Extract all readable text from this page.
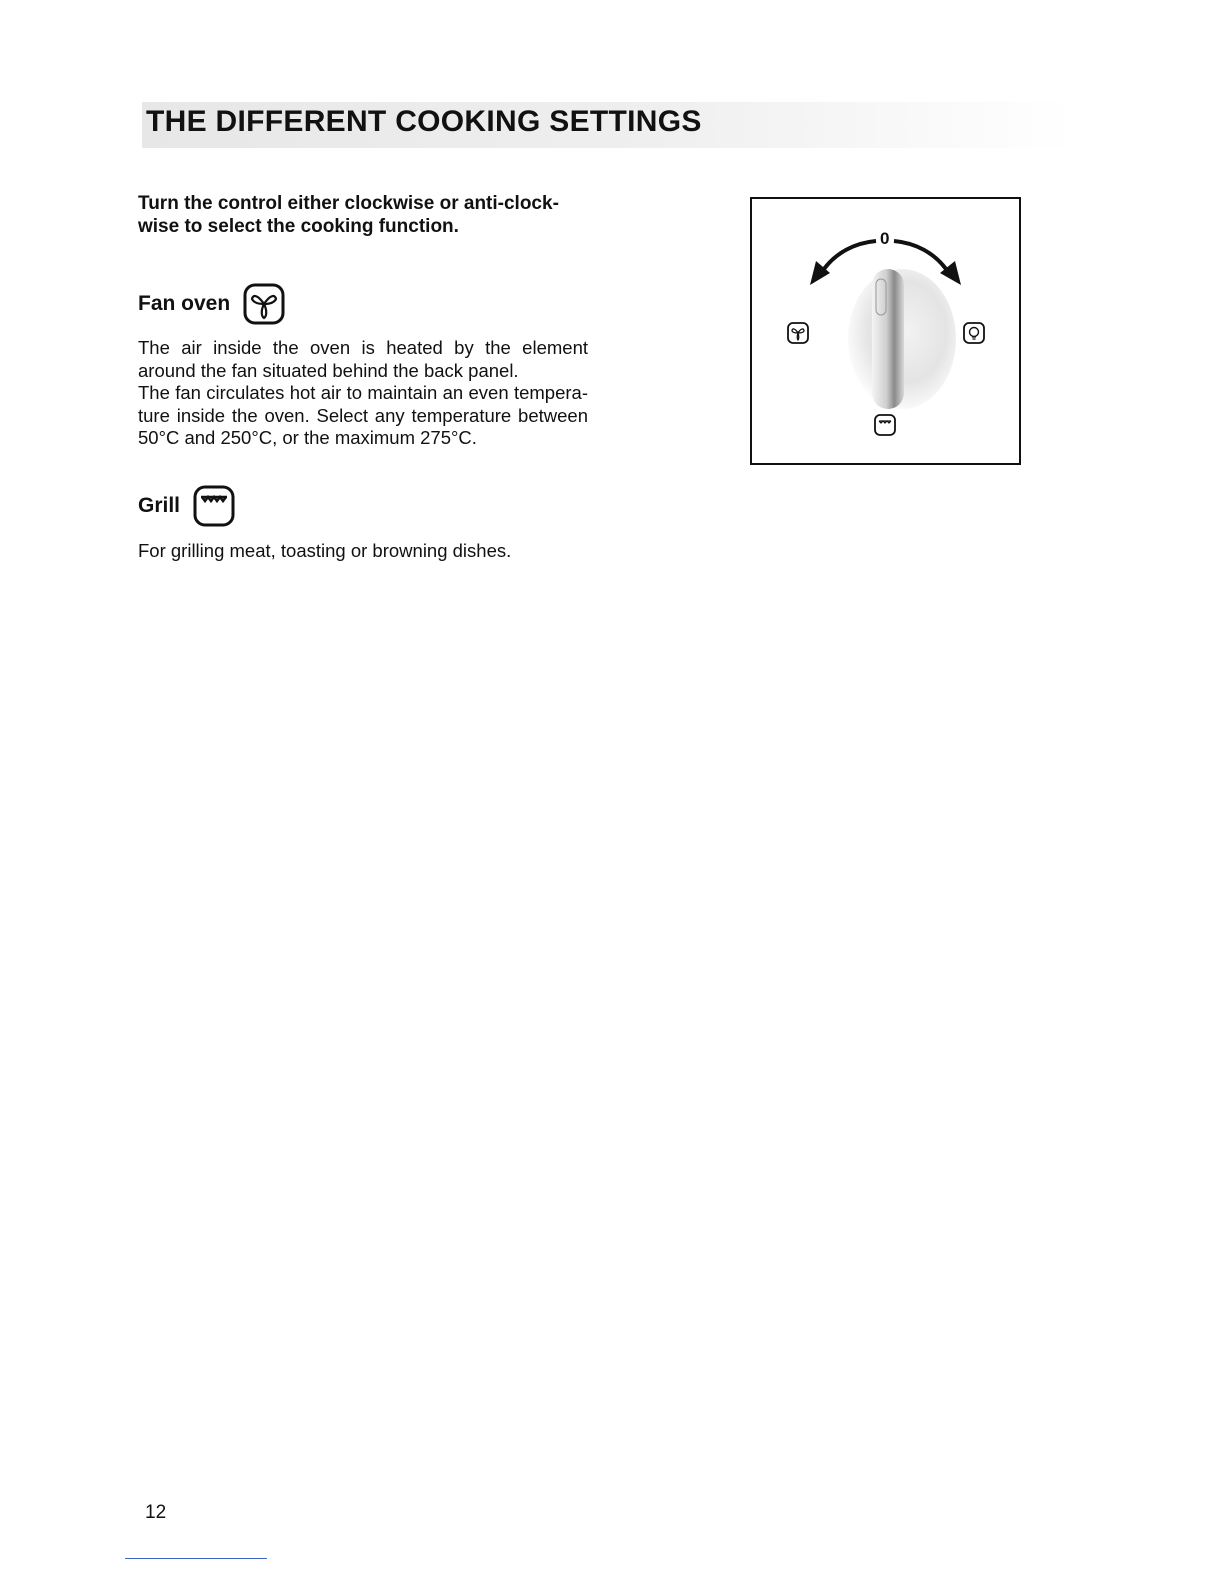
THE DIFFERENT COOKING SETTINGS

Turn the control either clockwise or anti-clock-wise to select the cooking function.

Fan oven

The air inside the oven is heated by the element
around the fan situated behind the back panel.
The fan circulates hot air to maintain an even tempera-
ture inside the oven. Select any temperature between
50°C and 250°C, or the maximum 275°C.

Grill

For grilling meat, toasting or browning dishes.

0
12
